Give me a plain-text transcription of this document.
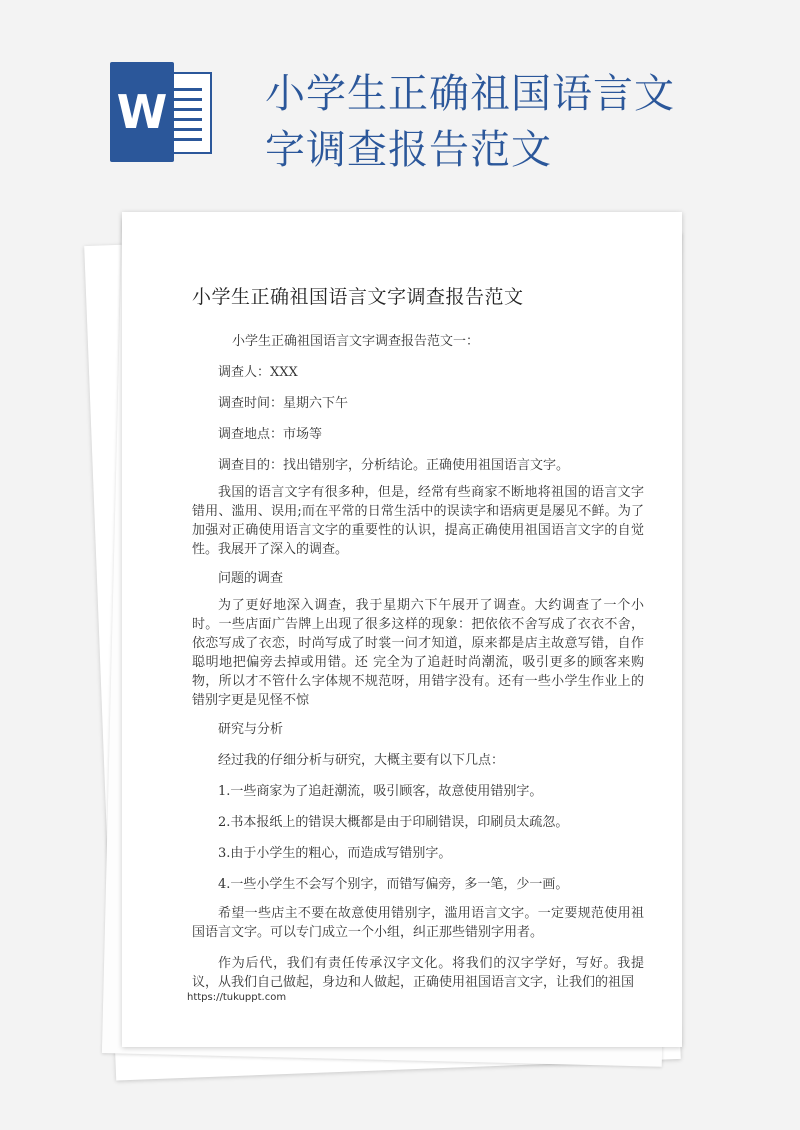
W 小学生正确祖国语言文字调查报告范文
小学生正确祖国语言文字调查报告范文

小学生正确祖国语言文字调查报告范文一：

调查人：XXX

调查时间：星期六下午

调查地点：市场等

调查目的：找出错别字，分析结论。正确使用祖国语言文字。

我国的语言文字有很多种，但是，经常有些商家不断地将祖国的语言文字错用、滥用、误用;而在平常的日常生活中的误读字和语病更是屡见不鲜。为了加强对正确使用语言文字的重要性的认识，提高正确使用祖国语言文字的自觉性。我展开了深入的调查。

问题的调查

为了更好地深入调查，我于星期六下午展开了调查。大约调查了一个小时。一些店面广告牌上出现了很多这样的现象：把依依不舍写成了衣衣不舍，依恋写成了衣恋，时尚写成了时裳一问才知道，原来都是店主故意写错，自作聪明地把偏旁去掉或用错。还 完全为了追赶时尚潮流，吸引更多的顾客来购物，所以才不管什么字体规不规范呀，用错字没有。还有一些小学生作业上的错别字更是见怪不惊

研究与分析

经过我的仔细分析与研究，大概主要有以下几点：

1.一些商家为了追赶潮流，吸引顾客，故意使用错别字。

2.书本报纸上的错误大概都是由于印刷错误，印刷员太疏忽。

3.由于小学生的粗心，而造成写错别字。

4.一些小学生不会写个别字，而错写偏旁，多一笔，少一画。

希望一些店主不要在故意使用错别字，滥用语言文字。一定要规范使用祖国语言文字。可以专门成立一个小组，纠正那些错别字用者。

作为后代，我们有责任传承汉字文化。将我们的汉字学好，写好。我提议，从我们自己做起，身边和人做起，正确使用祖国语言文字，让我们的祖国

https://tukuppt.com
